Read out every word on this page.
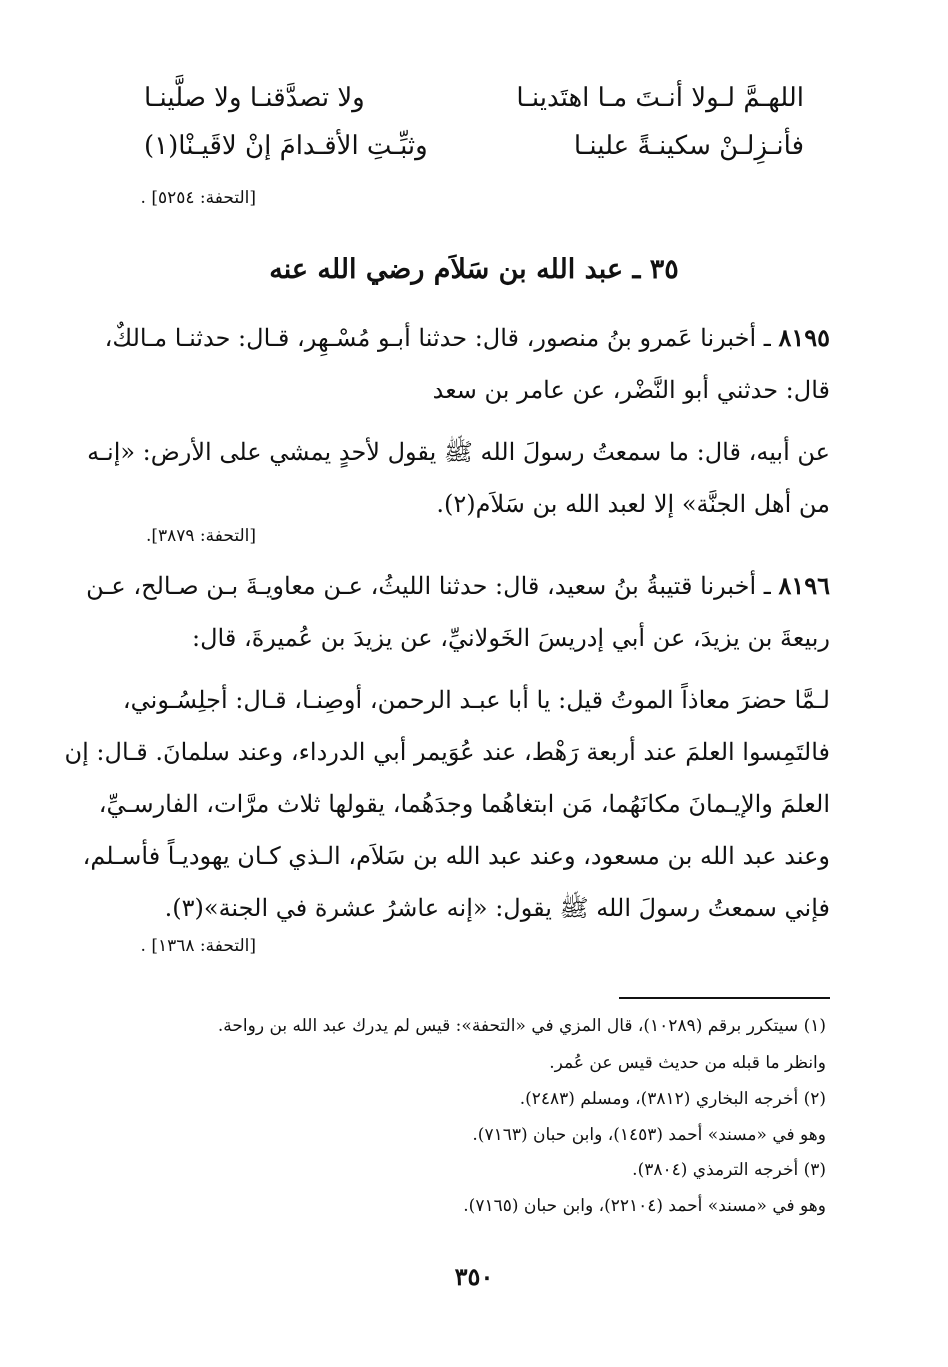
اللهـمَّ لـولا أنـتَ مـا اهتَدينـا
ولا تصدَّقنـا ولا صلَّينـا
فأنـزِلـنْ سكينـةً علينـا
وثبِّـتِ الأقـدامَ إنْ لاقَيـنْا(١)
[التحفة: ٥٢٥٤] .
٣٥ ـ عبد الله بن سَلاَم رضي الله عنه
٨١٩٥ ـ أخبرنا عَمرو بنُ منصور، قال: حدثنا أبـو مُسْـهِر، قـال: حدثنـا مـالكٌ،
قال: حدثني أبو النَّضْر، عن عامر بن سعد
عن أبيه، قال: ما سمعتُ رسولَ الله ﷺ يقول لأحدٍ يمشي على الأرض: «إنـه
من أهل الجنَّة» إلا لعبد الله بن سَلاَم(٢).
[التحفة: ٣٨٧٩].
٨١٩٦ ـ أخبرنا قتيبةُ بنُ سعيد، قال: حدثنا الليثُ، عـن معاويـةَ بـن صـالح، عـن
ربيعةَ بن يزيدَ، عن أبي إدريسَ الخَولانيِّ، عن يزيدَ بن عُميرةَ، قال:
لـمَّا حضرَ معاذاً الموتُ قيل: يا أبا عبـد الرحمن، أوصِنـا، قـال: أجلِسُـوني،
فالتَمِسوا العلمَ عند أربعة رَهْط، عند عُوَيمر أبي الدرداء، وعند سلمانَ. قـال: إن
العلمَ والإيـمانَ مكانَهُما، مَن ابتغاهُما وجدَهُما، يقولها ثلاث مرَّات، الفارسـيِّ،
وعند عبد الله بن مسعود، وعند عبد الله بن سَلاَم، الـذي كـان يهوديـاً فأسـلم،
فإني سمعتُ رسولَ الله ﷺ يقول: «إنه عاشرُ عشرة في الجنة»(٣).
[التحفة: ١٣٦٨] .
(١) سيتكرر برقم (١٠٢٨٩)، قال المزي في «التحفة»: قيس لم يدرك عبد الله بن رواحة.
وانظر ما قبله من حديث قيس عن عُمر.
(٢) أخرجه البخاري (٣٨١٢)، ومسلم (٢٤٨٣).
وهو في «مسند» أحمد (١٤٥٣)، وابن حبان (٧١٦٣).
(٣) أخرجه الترمذي (٣٨٠٤).
وهو في «مسند» أحمد (٢٢١٠٤)، وابن حبان (٧١٦٥).
٣٥٠
